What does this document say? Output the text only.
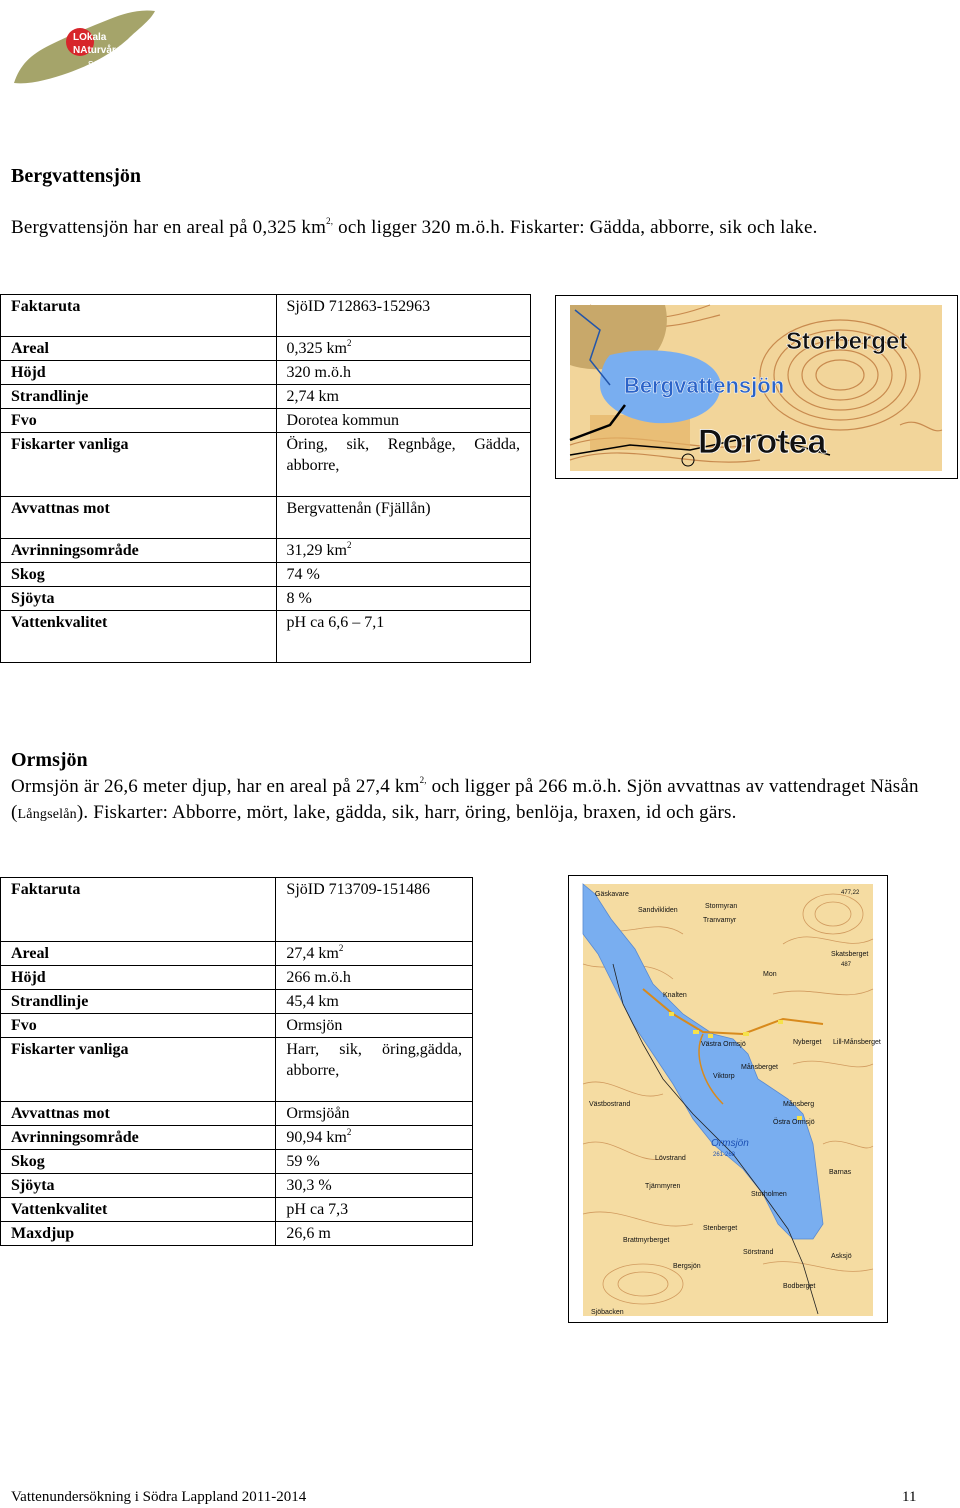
LOkala
NAturvårds
satsningen
Bergvattensjön
Bergvattensjön har en areal på 0,325 $km^{2,}$ och ligger 320 m.ö.h. Fiskarter: Gädda, abborre, sik och lake.
Faktaruta	SjöID 712863-152963
Areal	0,325 $km^2$
Höjd	320 m.ö.h
Strandlinje	2,74 km
Fvo	Dorotea kommun
Fiskarter vanliga	Öring, sik, Regnbåge, Gädda, abborre,
Avvattnas mot	Bergvattenån (Fjällån)
Avrinningsområde	31,29 $km^2$
Skog	74 %
Sjöyta	8 %
Vattenkvalitet	pH ca 6,6 – 7,1
Storberget
Bergvattensjön
Dorotea
Ormsjön
Ormsjön är 26,6 meter djup, har en areal på 27,4 $km^{2,}$ och ligger på 266 m.ö.h. Sjön avvattnas av vattendraget Näsån (Långselån). Fiskarter: Abborre, mört, lake, gädda, sik, harr, öring, benlöja, braxen, id och gärs.
Faktaruta	SjöID 713709-151486
Areal	27,4 $km^2$
Höjd	266 m.ö.h
Strandlinje	45,4 km
Fvo	Ormsjön
Fiskarter vanliga	Harr, sik, öring,gädda, abborre,
Avvattnas mot	Ormsjöån
Avrinningsområde	90,94 $km^2$
Skog	59 %
Sjöyta	30,3 %
Vattenkvalitet	pH ca 7,3
Maxdjup	26,6 m
Gäskavare
Sandvikliden
Stormyran
Tranvamyr
Mon
Knalten
Västra Ormsjö
Månsberget
Viktorp
Västbostrand	Månsberg
Östra Ormsjö
Ormsjön
Lövstrand
Barnas
Storholmen
Stenberget
Sörstrand
Bergsjön
Bodberget
Asksjö
Sjöbacken
Nyberget Lill-Månsberget
Skatsberget
Brattmyrberget
Tjärnmyren
261-268
477,22
487
Vattenundersökning i Södra Lappland 2011-2014	11
